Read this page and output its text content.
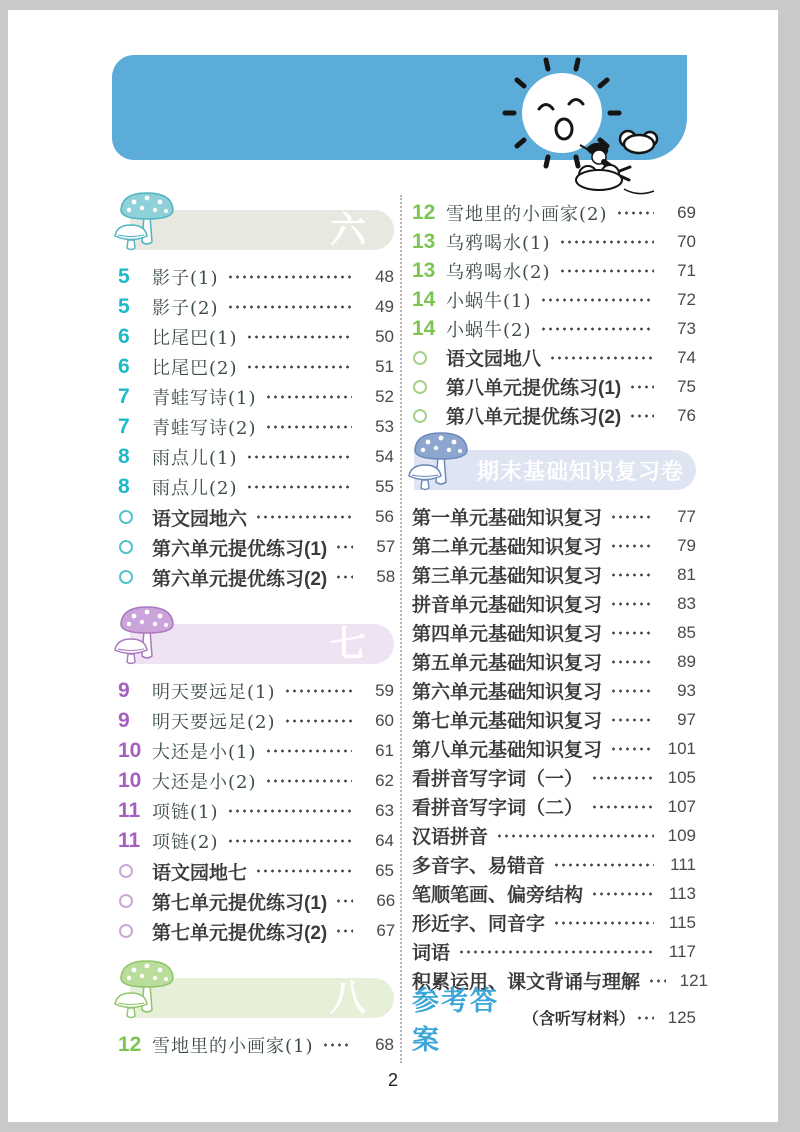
六
5	影子(1)	48
5	影子(2)	49
6	比尾巴(1)	50
6	比尾巴(2)	51
7	青蛙写诗(1)	52
7	青蛙写诗(2)	53
8	雨点儿(1)	54
8	雨点儿(2)	55
语文园地六	56
第六单元提优练习(1)	57
第六单元提优练习(2)	58
七
9	明天要远足(1)	59
9	明天要远足(2)	60
10 大还是小(1)	61
10 大还是小(2)	62
11 项链(1)	63
11 项链(2)	64
语文园地七	65
第七单元提优练习(1)	66
第七单元提优练习(2)	67
八
12 雪地里的小画家(1)	68
12 雪地里的小画家(2)	69
13 乌鸦喝水(1)	70
13 乌鸦喝水(2)	71
14 小蜗牛(1)	72
14 小蜗牛(2)	73
语文园地八	74
第八单元提优练习(1)	75
第八单元提优练习(2)	76
期末基础知识复习卷
第一单元基础知识复习	77
第二单元基础知识复习	79
第三单元基础知识复习	81
拼音单元基础知识复习	83
第四单元基础知识复习	85
第五单元基础知识复习	89
第六单元基础知识复习	93
第七单元基础知识复习	97
第八单元基础知识复习	101
看拼音写字词（一）	105
看拼音写字词（二）	107
汉语拼音	109
多音字、易错音	111
笔顺笔画、偏旁结构	113
形近字、同音字	115
词语	117
积累运用、课文背诵与理解	121
参考答案
（含听写材料）	125
2
